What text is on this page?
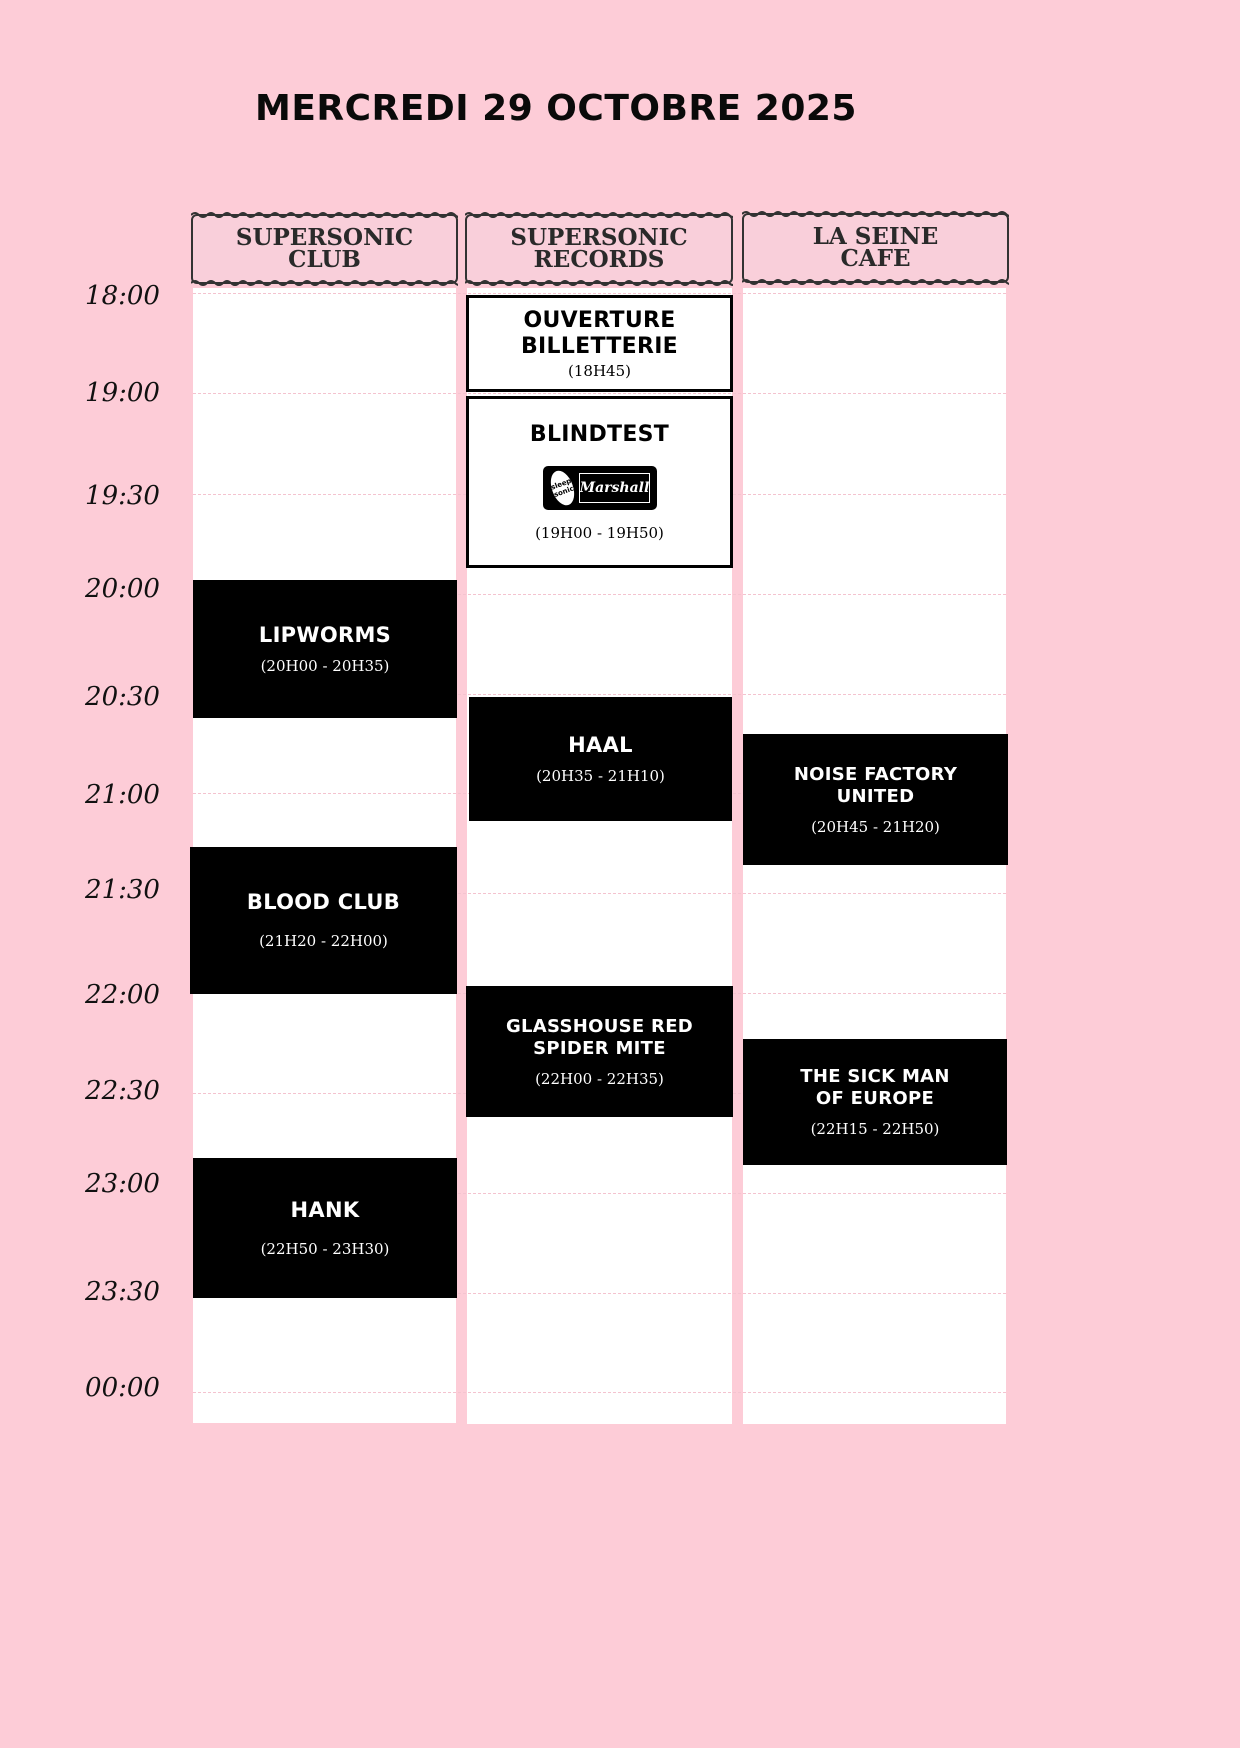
MERCREDI 29 OCTOBRE 2025
18:00
19:00
19:30
20:00
20:30
21:00
21:30
22:00
22:30
23:00
23:30
00:00
SUPERSONIC
CLUB
SUPERSONIC
RECORDS
LA SEINE
CAFE
OUVERTURE
BILLETTERIE
(18H45)
BLINDTEST
sleep sonic Marshall
(19H00 - 19H50)
HAAL
(20H35 - 21H10)
GLASSHOUSE RED
SPIDER MITE
(22H00 - 22H35)
LIPWORMS
(20H00 - 20H35)
BLOOD CLUB
(21H20 - 22H00)
HANK
(22H50 - 23H30)
NOISE FACTORY
UNITED
(20H45 - 21H20)
THE SICK MAN
OF EUROPE
(22H15 - 22H50)
